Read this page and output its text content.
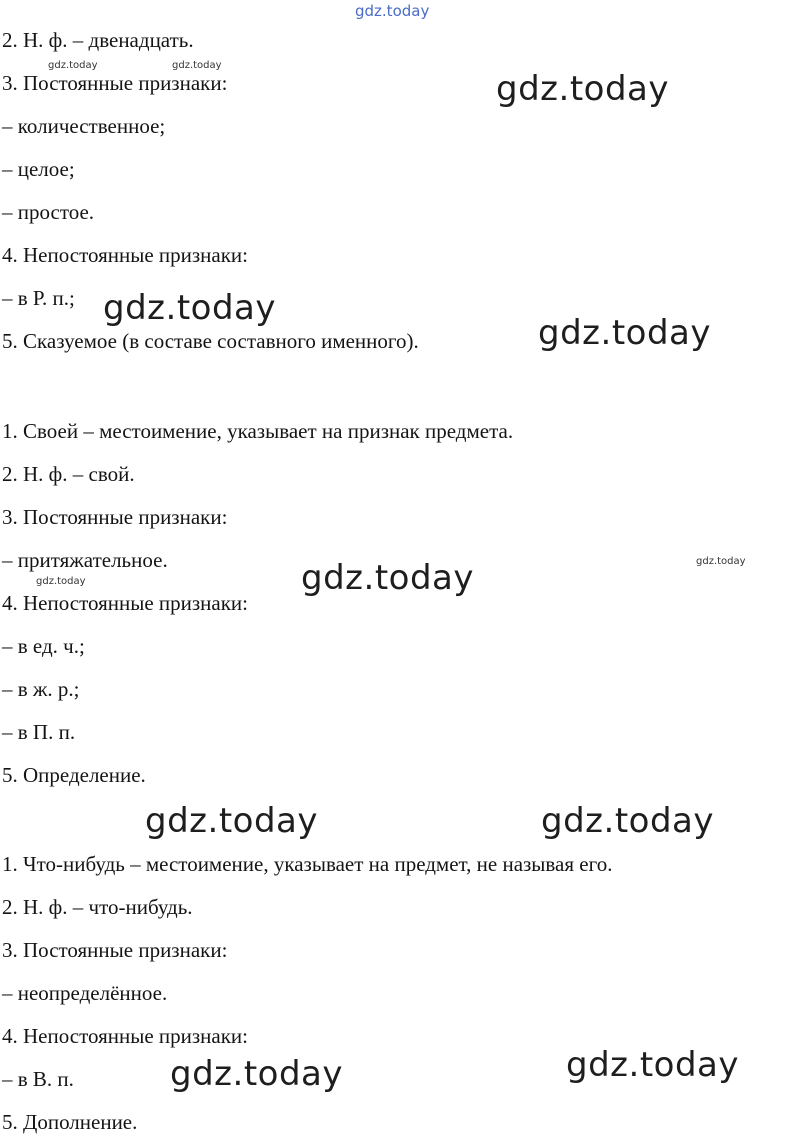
2. Н. ф. – двенадцать.
3. Постоянные признаки:
– количественное;
– целое;
– простое.
4. Непостоянные признаки:
– в Р. п.;
5. Сказуемое (в составе составного именного).
1. Своей – местоимение, указывает на признак предмета.
2. Н. ф. – свой.
3. Постоянные признаки:
– притяжательное.
4. Непостоянные признаки:
– в ед. ч.;
– в ж. р.;
– в П. п.
5. Определение.
1. Что-нибудь – местоимение, указывает на предмет, не называя его.
2. Н. ф. – что-нибудь.
3. Постоянные признаки:
– неопределённое.
4. Непостоянные признаки:
– в В. п.
5. Дополнение.
gdz.today
gdz.today	gdz.today
gdz.today
gdz.today
gdz.today
gdz.today
gdz.today
gdz.today
gdz.today	gdz.today
gdz.today
gdz.today
